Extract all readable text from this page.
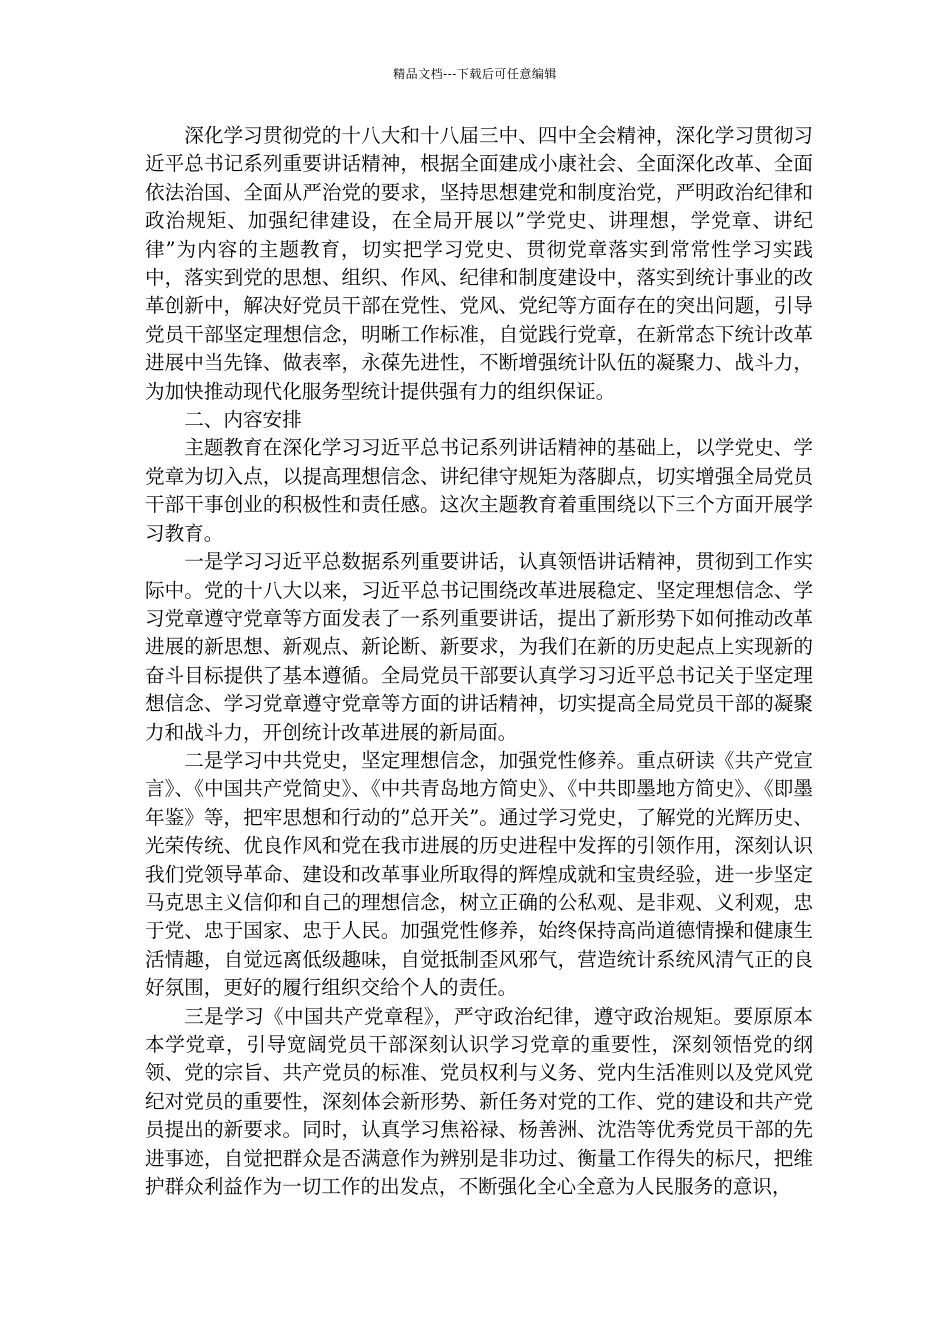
精品文档---下载后可任意编辑

深化学习贯彻党的十八大和十八届三中、四中全会精神，深化学习贯彻习近平总书记系列重要讲话精神，根据全面建成小康社会、全面深化改革、全面依法治国、全面从严治党的要求，坚持思想建党和制度治党，严明政治纪律和政治规矩、加强纪律建设，在全局开展以”学党史、讲理想，学党章、讲纪律”为内容的主题教育，切实把学习党史、贯彻党章落实到常常性学习实践中，落实到党的思想、组织、作风、纪律和制度建设中，落实到统计事业的改革创新中，解决好党员干部在党性、党风、党纪等方面存在的突出问题，引导党员干部坚定理想信念，明晰工作标准，自觉践行党章，在新常态下统计改革进展中当先锋、做表率，永葆先进性，不断增强统计队伍的凝聚力、战斗力，为加快推动现代化服务型统计提供强有力的组织保证。

二、内容安排

主题教育在深化学习习近平总书记系列讲话精神的基础上，以学党史、学党章为切入点，以提高理想信念、讲纪律守规矩为落脚点，切实增强全局党员干部干事创业的积极性和责任感。这次主题教育着重围绕以下三个方面开展学习教育。

一是学习习近平总数据系列重要讲话，认真领悟讲话精神，贯彻到工作实际中。党的十八大以来，习近平总书记围绕改革进展稳定、坚定理想信念、学习党章遵守党章等方面发表了一系列重要讲话，提出了新形势下如何推动改革进展的新思想、新观点、新论断、新要求，为我们在新的历史起点上实现新的奋斗目标提供了基本遵循。全局党员干部要认真学习习近平总书记关于坚定理想信念、学习党章遵守党章等方面的讲话精神，切实提高全局党员干部的凝聚力和战斗力，开创统计改革进展的新局面。

二是学习中共党史，坚定理想信念，加强党性修养。重点研读《共产党宣言》、《中国共产党简史》、《中共青岛地方简史》、《中共即墨地方简史》、《即墨年鉴》等，把牢思想和行动的”总开关”。通过学习党史，了解党的光辉历史、光荣传统、优良作风和党在我市进展的历史进程中发挥的引领作用，深刻认识我们党领导革命、建设和改革事业所取得的辉煌成就和宝贵经验，进一步坚定马克思主义信仰和自己的理想信念，树立正确的公私观、是非观、义利观，忠于党、忠于国家、忠于人民。加强党性修养，始终保持高尚道德情操和健康生活情趣，自觉远离低级趣味，自觉抵制歪风邪气，营造统计系统风清气正的良好氛围，更好的履行组织交给个人的责任。

三是学习《中国共产党章程》，严守政治纪律，遵守政治规矩。要原原本本学党章，引导宽阔党员干部深刻认识学习党章的重要性，深刻领悟党的纲领、党的宗旨、共产党员的标准、党员权利与义务、党内生活准则以及党风党纪对党员的重要性，深刻体会新形势、新任务对党的工作、党的建设和共产党员提出的新要求。同时，认真学习焦裕禄、杨善洲、沈浩等优秀党员干部的先进事迹，自觉把群众是否满意作为辨别是非功过、衡量工作得失的标尺，把维护群众利益作为一切工作的出发点，不断强化全心全意为人民服务的意识，
